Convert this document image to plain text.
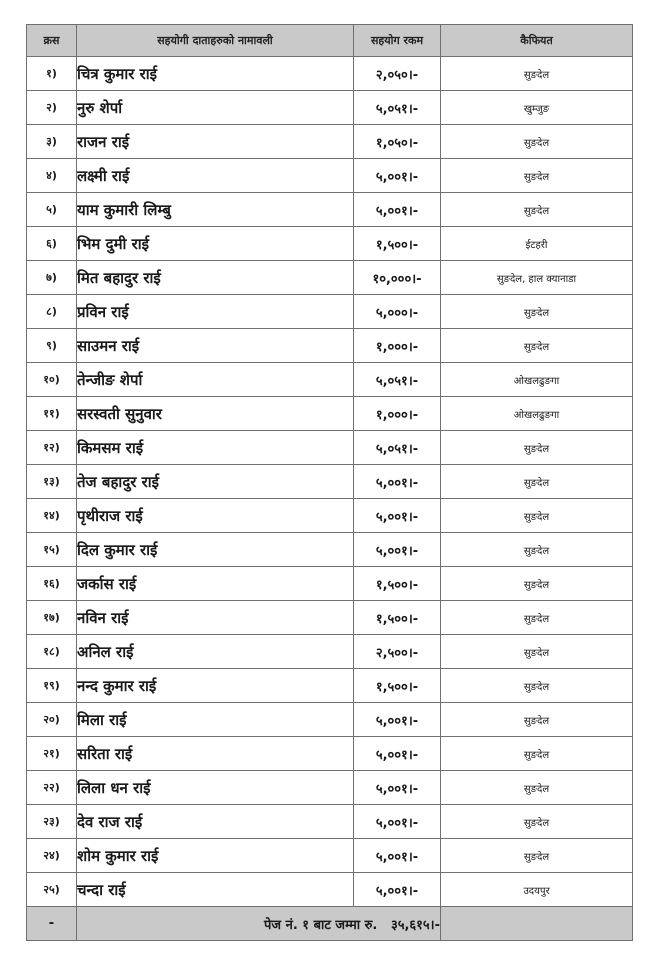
क्रस	सहयोगी दाताहरुको नामावली	सहयोग रकम	कैफियत
१)	चित्र कुमार राई	२,०५०।-	सुङदेल
२)	नुरु शेर्पा	५,०५१।-	खुम्जुङ
३)	राजन राई	१,०५०।-	सुङदेल
४)	लक्ष्मी राई	५,००१।-	सुङदेल
५)	याम कुमारी लिम्बु	५,००१।-	सुङदेल
६)	भिम दुमी राई	१,५००।-	ईटहरी
७)	मित बहादुर राई	१०,०००।-	सुङदेल, हाल क्यानाडा
८)	प्रविन राई	५,०००।-	सुङदेल
९)	साउमन राई	१,०००।-	सुङदेल
१०)	तेन्जीङ शेर्पा	५,०५१।-	ओखलढुङगा
११)	सरस्वती सुनुवार	१,०००।-	ओखलढुङगा
१२)	किमसम राई	५,०५१।-	सुङदेल
१३)	तेज बहादुर राई	५,००१।-	सुङदेल
१४)	पृथीराज राई	५,००१।-	सुङदेल
१५)	दिल कुमार राई	५,००१।-	सुङदेल
१६)	जर्कास राई	१,५००।-	सुङदेल
१७)	नविन राई	१,५००।-	सुङदेल
१८)	अनिल राई	२,५००।-	सुङदेल
१९)	नन्द कुमार राई	१,५००।-	सुङदेल
२०)	मिला राई	५,००१।-	सुङदेल
२१)	सरिता राई	५,००१।-	सुङदेल
२२)	लिला धन राई	५,००१।-	सुङदेल
२३)	देव राज राई	५,००१।-	सुङदेल
२४)	शोम कुमार राई	५,००१।-	सुङदेल
२५)	चन्दा राई	५,००१।-	उदयपुर
-	पेज नं. १ बाट जम्मा रु. ३५,६१५।-		
